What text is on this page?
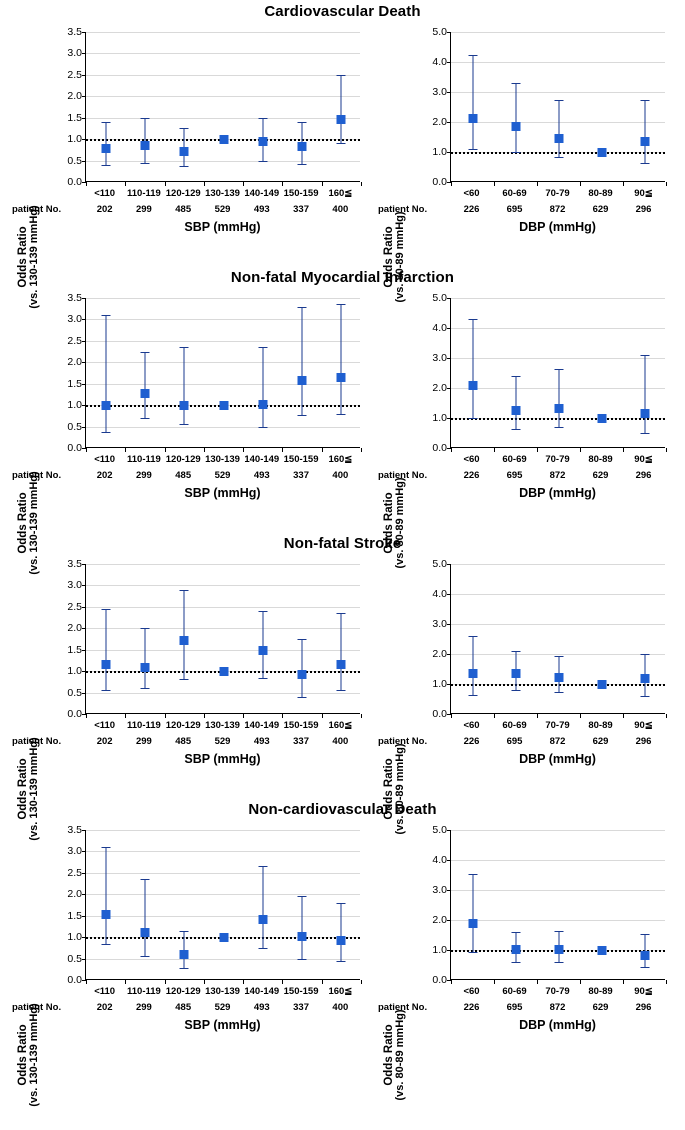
Cardiovascular Death
Odds Ratio (vs. 130-139 mmHg)
0.0
0.5
1.0
1.5
2.0
2.5
3.0
3.5
<110 110-119 120-129 130-139 140-149 150-159 160≦
patient No.	202 299 485 529 493 337 400
SBP (mmHg)	Odds Ratio (vs. 80-89 mmHg)
0.0
1.0
2.0
3.0
4.0
5.0
<60 60-69 70-79 80-89 90≦
patient No.	226	695	872	629	296
DBP (mmHg)
Non-fatal Myocardial Infarction
Odds Ratio (vs. 130-139 mmHg)
0.0
0.5
1.0
1.5
2.0
2.5
3.0
3.5
<110 110-119 120-129 130-139 140-149 150-159 160≦
patient No.	202 299 485 529 493 337 400
SBP (mmHg)	Odds Ratio (vs. 80-89 mmHg)
0.0
1.0
2.0
3.0
4.0
5.0
<60 60-69 70-79 80-89 90≦
patient No.	226	695	872	629	296
DBP (mmHg)
Non-fatal Stroke
Odds Ratio (vs. 130-139 mmHg)
0.0
0.5
1.0
1.5
2.0
2.5
3.0
3.5
<110 110-119 120-129 130-139 140-149 150-159 160≦
patient No.	202 299 485 529 493 337 400
SBP (mmHg)	Odds Ratio (vs. 80-89 mmHg)
0.0
1.0
2.0
3.0
4.0
5.0
<60 60-69 70-79 80-89 90≦
patient No.	226	695	872	629	296
DBP (mmHg)
Non-cardiovascular Death
Odds Ratio (vs. 130-139 mmHg)
0.0
0.5
1.0
1.5
2.0
2.5
3.0
3.5
<110 110-119 120-129 130-139 140-149 150-159 160≦
patient No.	202 299 485 529 493 337 400
SBP (mmHg)	Odds Ratio (vs. 80-89 mmHg)
0.0
1.0
2.0
3.0
4.0
5.0
<60 60-69 70-79 80-89 90≦
patient No.	226	695	872	629	296
DBP (mmHg)
